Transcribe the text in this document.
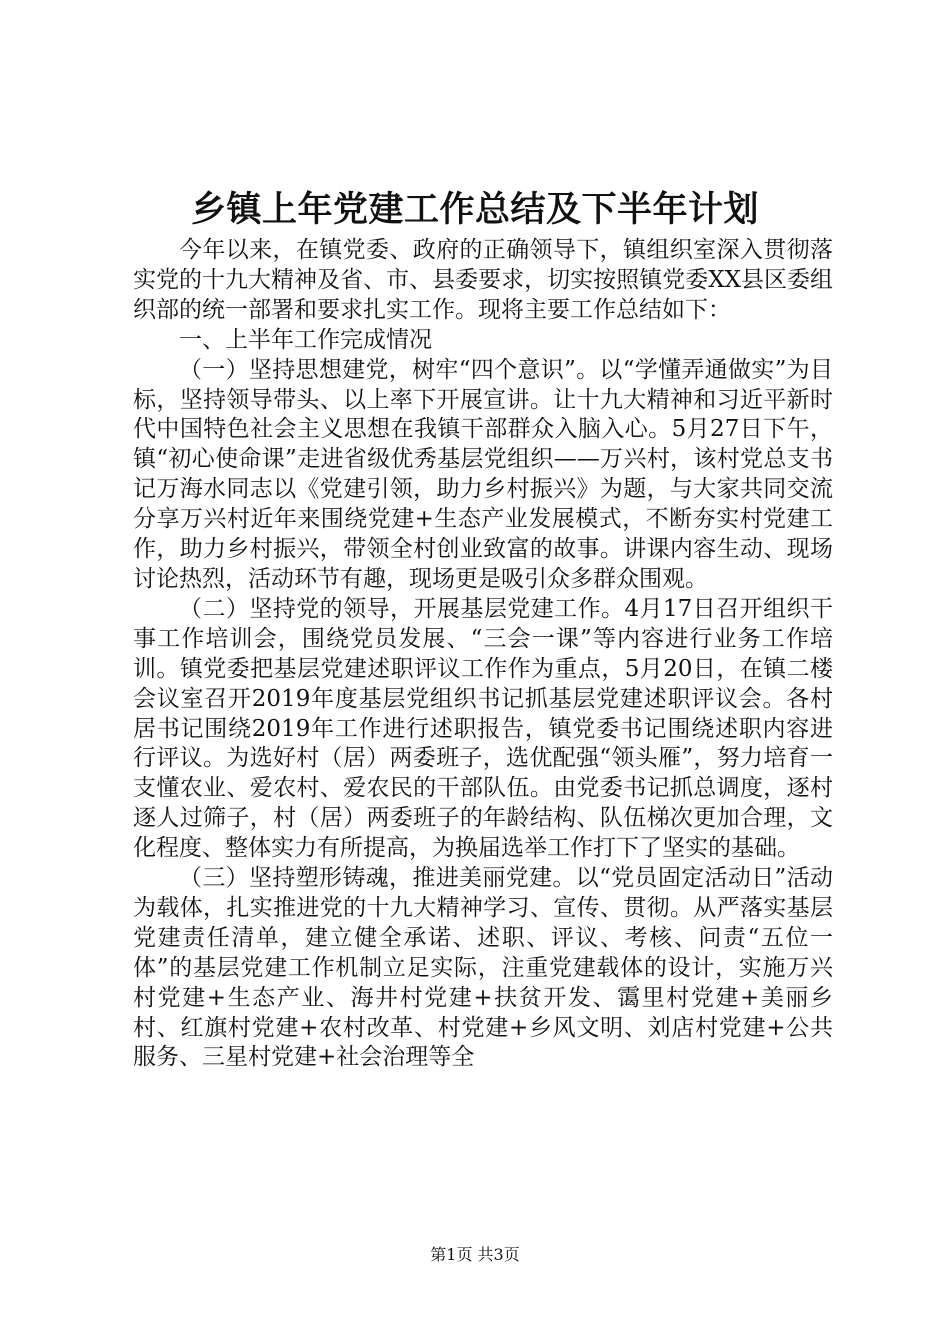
乡镇上年党建工作总结及下半年计划

今年以来，在镇党委、政府的正确领导下，镇组织室深入贯彻落实党的十九大精神及省、市、县委要求，切实按照镇党委XX县区委组织部的统一部署和要求扎实工作。现将主要工作总结如下：

一、上半年工作完成情况

（一）坚持思想建党，树牢“四个意识”。以“学懂弄通做实”为目标，坚持领导带头、以上率下开展宣讲。让十九大精神和习近平新时代中国特色社会主义思想在我镇干部群众入脑入心。5月27日下午，镇“初心使命课”走进省级优秀基层党组织——万兴村，该村党总支书记万海水同志以《党建引领，助力乡村振兴》为题，与大家共同交流分享万兴村近年来围绕党建+生态产业发展模式，不断夯实村党建工作，助力乡村振兴，带领全村创业致富的故事。讲课内容生动、现场讨论热烈，活动环节有趣，现场更是吸引众多群众围观。

（二）坚持党的领导，开展基层党建工作。4月17日召开组织干事工作培训会，围绕党员发展、“三会一课”等内容进行业务工作培训。镇党委把基层党建述职评议工作作为重点，5月20日，在镇二楼会议室召开2019年度基层党组织书记抓基层党建述职评议会。各村居书记围绕2019年工作进行述职报告，镇党委书记围绕述职内容进行评议。为选好村（居）两委班子，选优配强“领头雁”，努力培育一支懂农业、爱农村、爱农民的干部队伍。由党委书记抓总调度，逐村逐人过筛子，村（居）两委班子的年龄结构、队伍梯次更加合理，文化程度、整体实力有所提高，为换届选举工作打下了坚实的基础。

（三）坚持塑形铸魂，推进美丽党建。以“党员固定活动日”活动为载体，扎实推进党的十九大精神学习、宣传、贯彻。从严落实基层党建责任清单，建立健全承诺、述职、评议、考核、问责“五位一体”的基层党建工作机制立足实际，注重党建载体的设计，实施万兴村党建+生态产业、海井村党建+扶贫开发、霭里村党建+美丽乡村、红旗村党建+农村改革、村党建+乡风文明、刘店村党建+公共服务、三星村党建+社会治理等全

第1页 共3页
